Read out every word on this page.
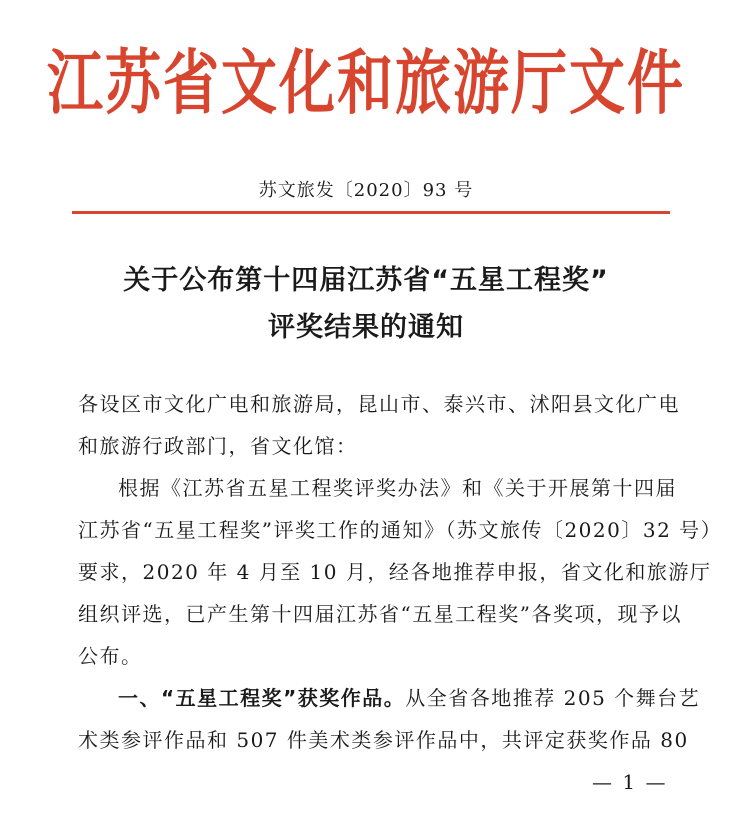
江苏省文化和旅游厅文件
苏文旅发〔2020〕93 号
关于公布第十四届江苏省“五星工程奖”
评奖结果的通知
各设区市文化广电和旅游局，昆山市、泰兴市、沭阳县文化广电
和旅游行政部门，省文化馆：
根据《江苏省五星工程奖评奖办法》和《关于开展第十四届
江苏省“五星工程奖”评奖工作的通知》（苏文旅传〔2020〕32 号）
要求，2020 年 4 月至 10 月，经各地推荐申报，省文化和旅游厅
组织评选，已产生第十四届江苏省“五星工程奖”各奖项，现予以
公布。
一、“五星工程奖”获奖作品。从全省各地推荐 205 个舞台艺
术类参评作品和 507 件美术类参评作品中，共评定获奖作品 80
— 1 —
